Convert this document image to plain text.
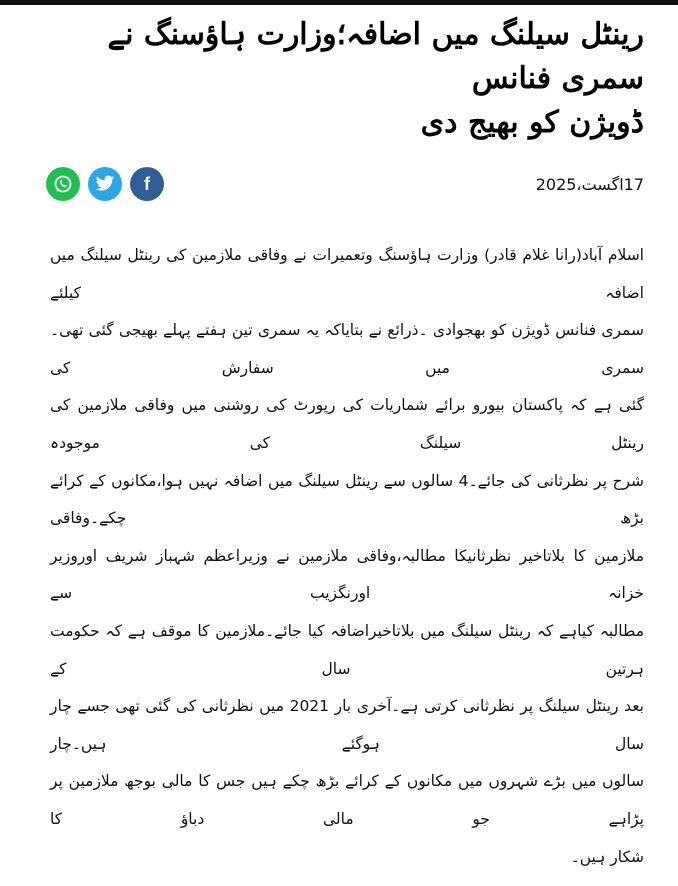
رینٹل سیلنگ میں اضافہ؛وزارت ہاؤسنگ نے سمری فنانس
ڈویژن کو بھیج دی
f	17اگست،2025
اسلام آباد(رانا غلام قادر) وزارت ہاؤسنگ وتعمیرات نے وفاقی ملازمین کی رینٹل سیلنگ میں اضافہ کیلئے
سمری فنانس ڈویژن کو بھجوادی ۔ذرائع نے بتایاکہ یہ سمری تین ہفتے پہلے بھیجی گئی تھی۔سمری میں سفارش کی
گئی ہے کہ پاکستان بیورو برائے شماریات کی رپورٹ کی روشنی میں وفاقی ملازمین کی رینٹل سیلنگ کی موجودہ
شرح پر نظرثانی کی جائے۔4 سالوں سے رینٹل سیلنگ میں اضافہ نہیں ہوا،مکانوں کے کرائے بڑھ چکے۔وفاقی
ملازمین کا بلاتاخیر نظرثانیکا مطالبہ،وفاقی ملازمین نے وزیراعظم شہباز شریف اوروزیر خزانہ اورنگزیب سے
مطالبہ کیاہے کہ رینٹل سیلنگ میں بلاتاخیراضافہ کیا جائے۔ملازمین کا موقف ہے کہ حکومت ہرتین سال کے
بعد رینٹل سیلنگ پر نظرثانی کرتی ہے۔آخری بار 2021 میں نظرثانی کی گئی تھی جسے چار سال ہوگئے ہیں۔چار
سالوں میں بڑے شہروں میں مکانوں کے کرائے بڑھ چکے ہیں جس کا مالی بوجھ ملازمین پر پڑاہے جو مالی دباؤ کا
شکار ہیں۔
